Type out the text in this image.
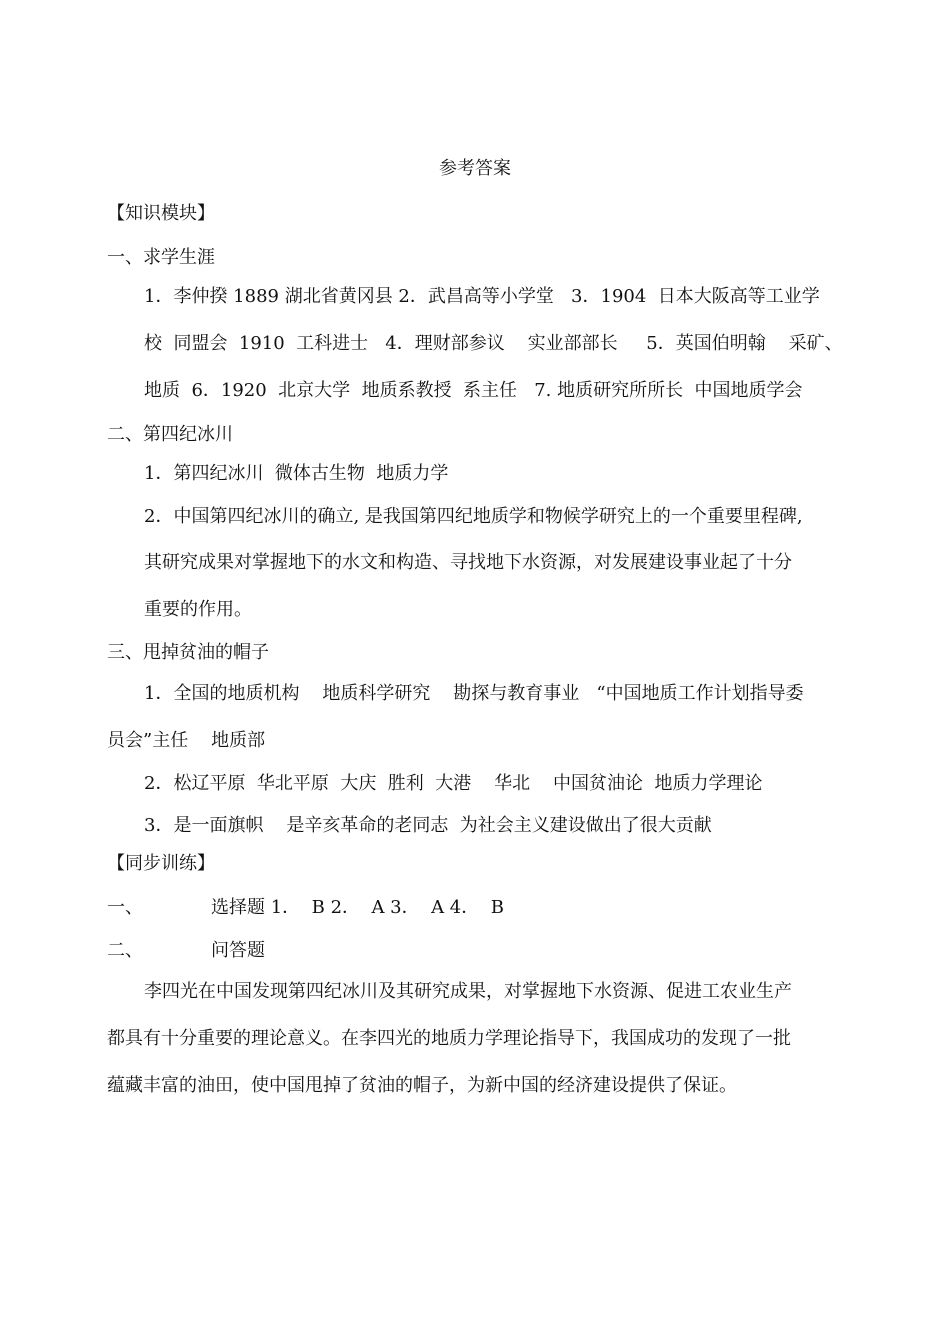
参考答案
【知识模块】
一、求学生涯
1．李仲揆 1889 湖北省黄冈县 2．武昌高等小学堂   3．1904  日本大阪高等工业学
校  同盟会  1910  工科进士   4．理财部参议    实业部部长     5．英国伯明翰    采矿、
地质  6．1920  北京大学  地质系教授  系主任   7. 地质研究所所长  中国地质学会
二、第四纪冰川
1．第四纪冰川  微体古生物  地质力学
2．中国第四纪冰川的确立, 是我国第四纪地质学和物候学研究上的一个重要里程碑,
其研究成果对掌握地下的水文和构造、寻找地下水资源，对发展建设事业起了十分
重要的作用。
三、甩掉贫油的帽子
1．全国的地质机构    地质科学研究    勘探与教育事业   “中国地质工作计划指导委
员会”主任    地质部
2．松辽平原  华北平原  大庆  胜利  大港    华北    中国贫油论  地质力学理论
3．是一面旗帜    是辛亥革命的老同志  为社会主义建设做出了很大贡献
【同步训练】
一、	选择题 1．  B 2．  A 3．  A 4．  B
二、	问答题
李四光在中国发现第四纪冰川及其研究成果，对掌握地下水资源、促进工农业生产
都具有十分重要的理论意义。在李四光的地质力学理论指导下，我国成功的发现了一批
蕴藏丰富的油田，使中国甩掉了贫油的帽子，为新中国的经济建设提供了保证。
